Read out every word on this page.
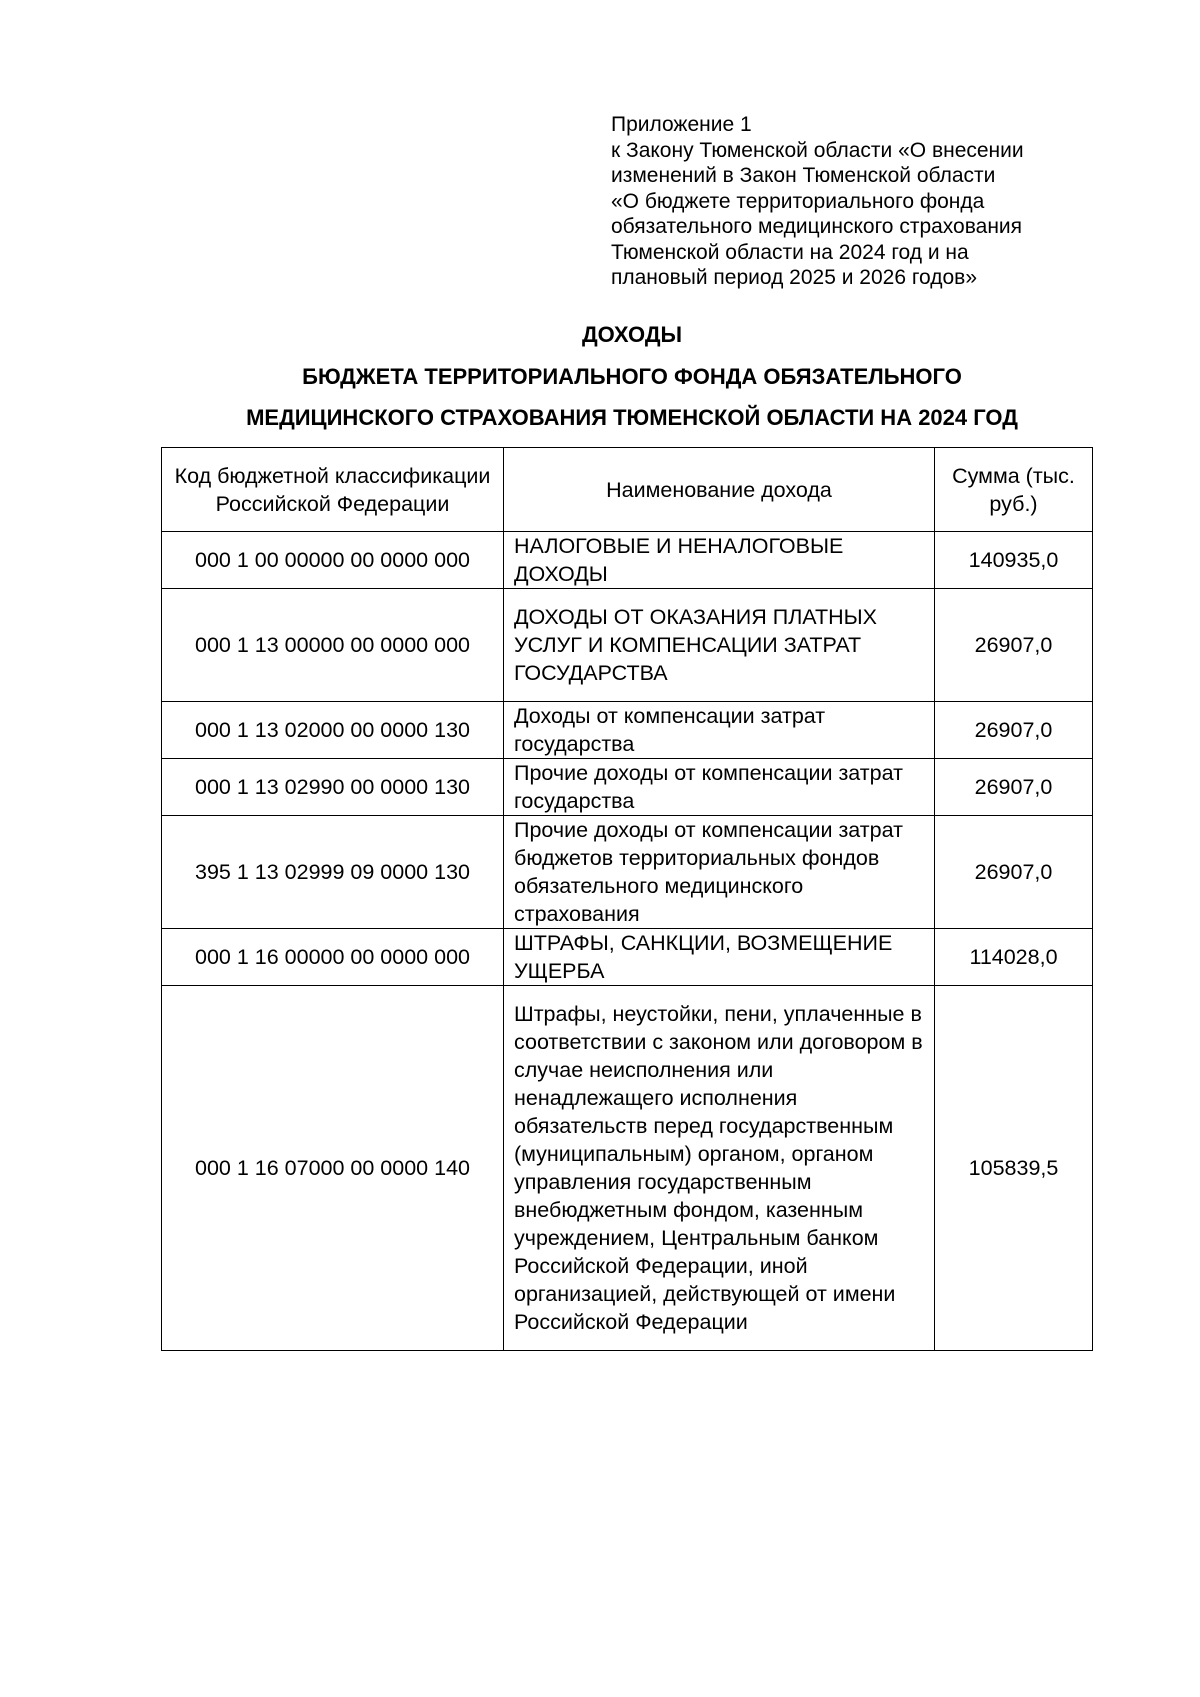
Приложение 1
к Закону Тюменской области «О внесении
изменений в Закон Тюменской области
«О бюджете территориального фонда
обязательного медицинского страхования
Тюменской области на 2024 год и на
плановый период 2025 и 2026 годов»
ДОХОДЫ
БЮДЖЕТА ТЕРРИТОРИАЛЬНОГО ФОНДА ОБЯЗАТЕЛЬНОГО
МЕДИЦИНСКОГО СТРАХОВАНИЯ ТЮМЕНСКОЙ ОБЛАСТИ НА 2024 ГОД
Код бюджетной классификации Российской Федерации	Наименование дохода	Сумма (тыс. руб.)
000 1 00 00000 00 0000 000	НАЛОГОВЫЕ И НЕНАЛОГОВЫЕ ДОХОДЫ	140935,0
000 1 13 00000 00 0000 000	ДОХОДЫ ОТ ОКАЗАНИЯ ПЛАТНЫХ УСЛУГ И КОМПЕНСАЦИИ ЗАТРАТ ГОСУДАРСТВА	26907,0
000 1 13 02000 00 0000 130	Доходы от компенсации затрат государства	26907,0
000 1 13 02990 00 0000 130	Прочие доходы от компенсации затрат государства	26907,0
395 1 13 02999 09 0000 130	Прочие доходы от компенсации затрат бюджетов территориальных фондов обязательного медицинского страхования	26907,0
000 1 16 00000 00 0000 000	ШТРАФЫ, САНКЦИИ, ВОЗМЕЩЕНИЕ УЩЕРБА	114028,0
000 1 16 07000 00 0000 140	Штрафы, неустойки, пени, уплаченные в соответствии с законом или договором в случае неисполнения или ненадлежащего исполнения обязательств перед государственным (муниципальным) органом, органом управления государственным внебюджетным фондом, казенным учреждением, Центральным банком Российской Федерации, иной организацией, действующей от имени Российской Федерации	105839,5
